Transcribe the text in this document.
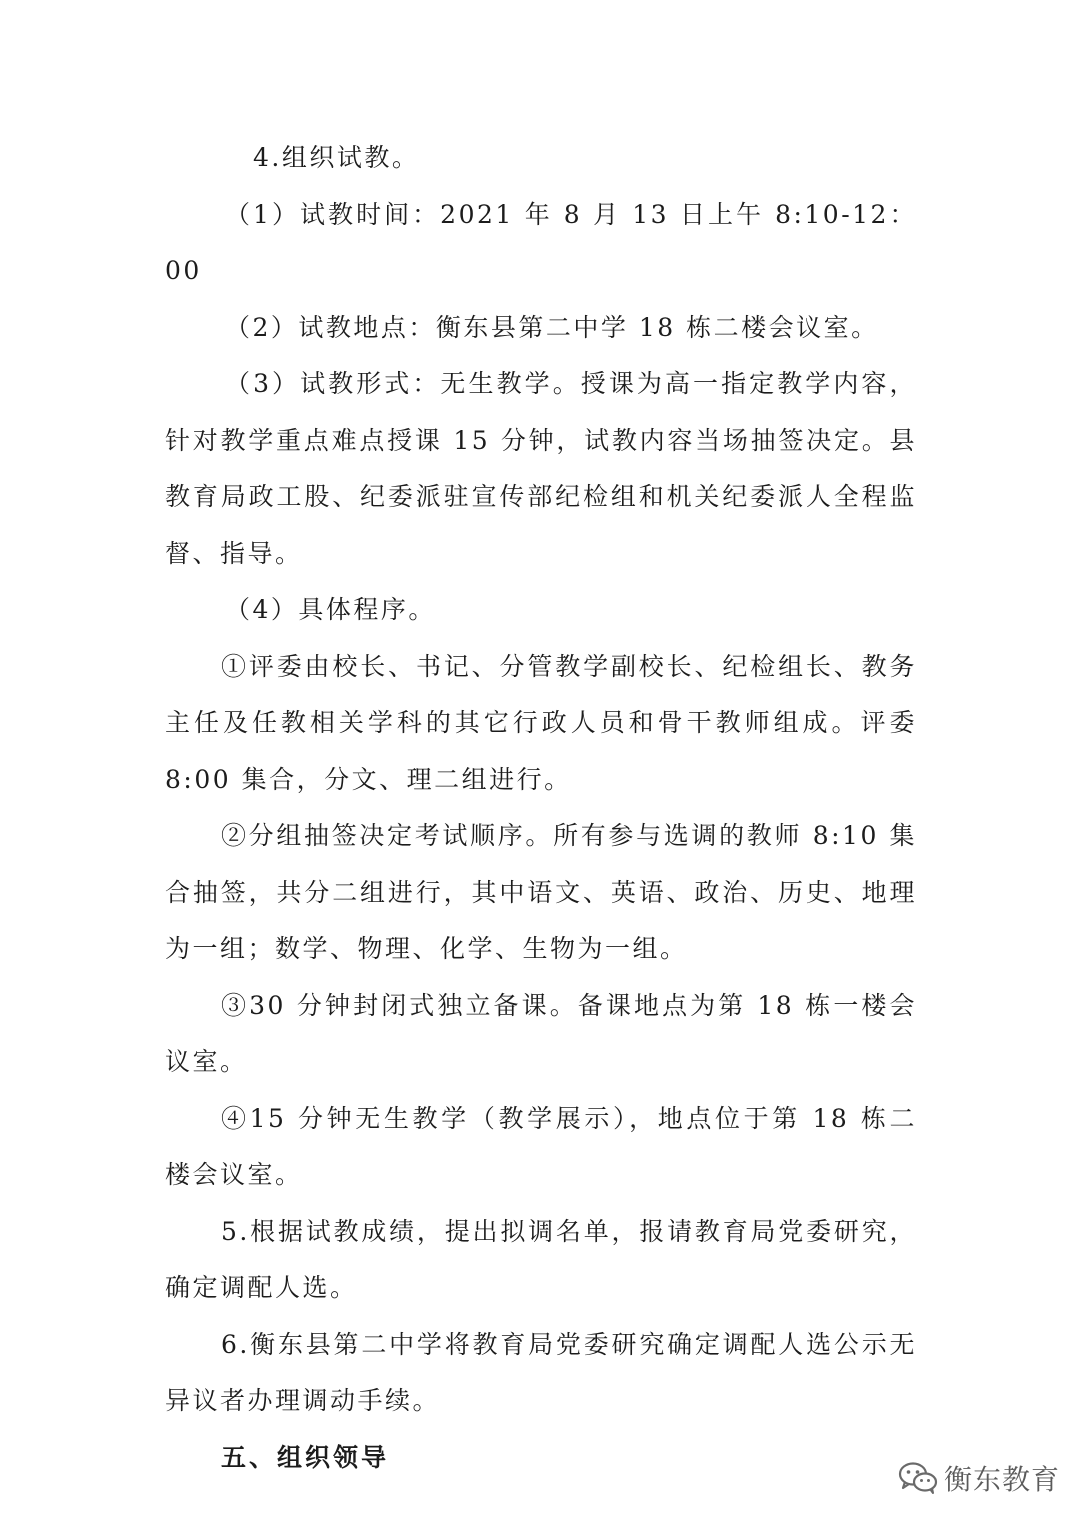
4.组织试教。

（1）试教时间：2021 年 8 月 13 日上午 8:10-12：00

（2）试教地点：衡东县第二中学 18 栋二楼会议室。

（3）试教形式：无生教学。授课为高一指定教学内容，针对教学重点难点授课 15 分钟，试教内容当场抽签决定。县教育局政工股、纪委派驻宣传部纪检组和机关纪委派人全程监督、指导。

（4）具体程序。

①评委由校长、书记、分管教学副校长、纪检组长、教务主任及任教相关学科的其它行政人员和骨干教师组成。评委 8:00 集合，分文、理二组进行。

②分组抽签决定考试顺序。所有参与选调的教师 8:10 集合抽签，共分二组进行，其中语文、英语、政治、历史、地理为一组；数学、物理、化学、生物为一组。

③30 分钟封闭式独立备课。备课地点为第 18 栋一楼会议室。

④15 分钟无生教学（教学展示），地点位于第 18 栋二楼会议室。

5.根据试教成绩，提出拟调名单，报请教育局党委研究，确定调配人选。

6.衡东县第二中学将教育局党委研究确定调配人选公示无异议者办理调动手续。

五、组织领导

衡东教育
